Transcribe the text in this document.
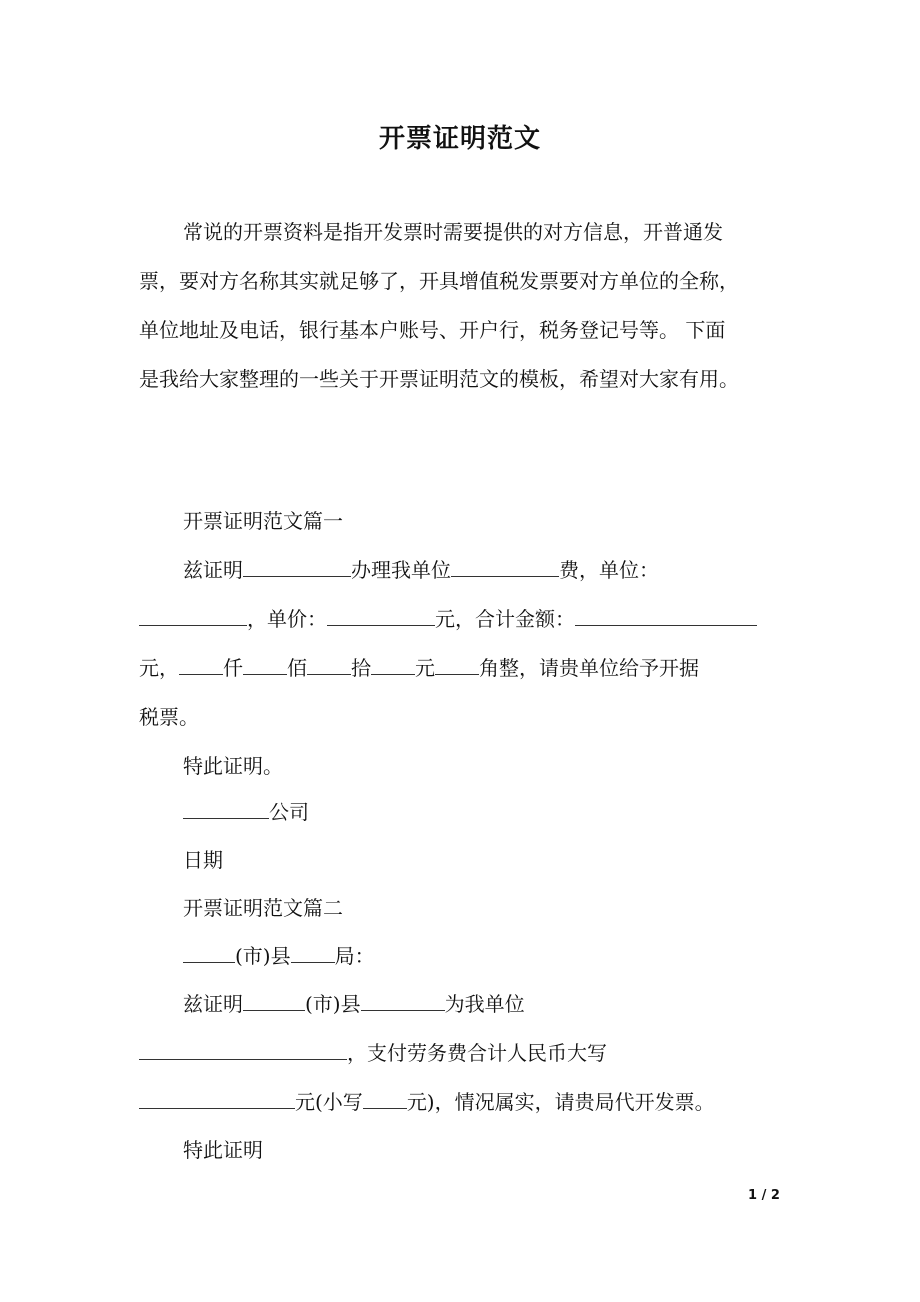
开票证明范文
常说的开票资料是指开发票时需要提供的对方信息，开普通发
票，要对方名称其实就足够了，开具增值税发票要对方单位的全称，
单位地址及电话，银行基本户账号、开户行，税务登记号等。 下面
是我给大家整理的一些关于开票证明范文的模板，希望对大家有用。
开票证明范文篇一
兹证明	办理我单位	费，单位：
，单价：	元，合计金额：
元， 仟 佰 拾 元 角整，请贵单位给予开据
税票。
特此证明。
公司
日期
开票证明范文篇二
(市)县 局：
兹证明	(市)县	为我单位
，支付劳务费合计人民币大写
元(小写 元)，情况属实，请贵局代开发票。
特此证明
1 / 2
